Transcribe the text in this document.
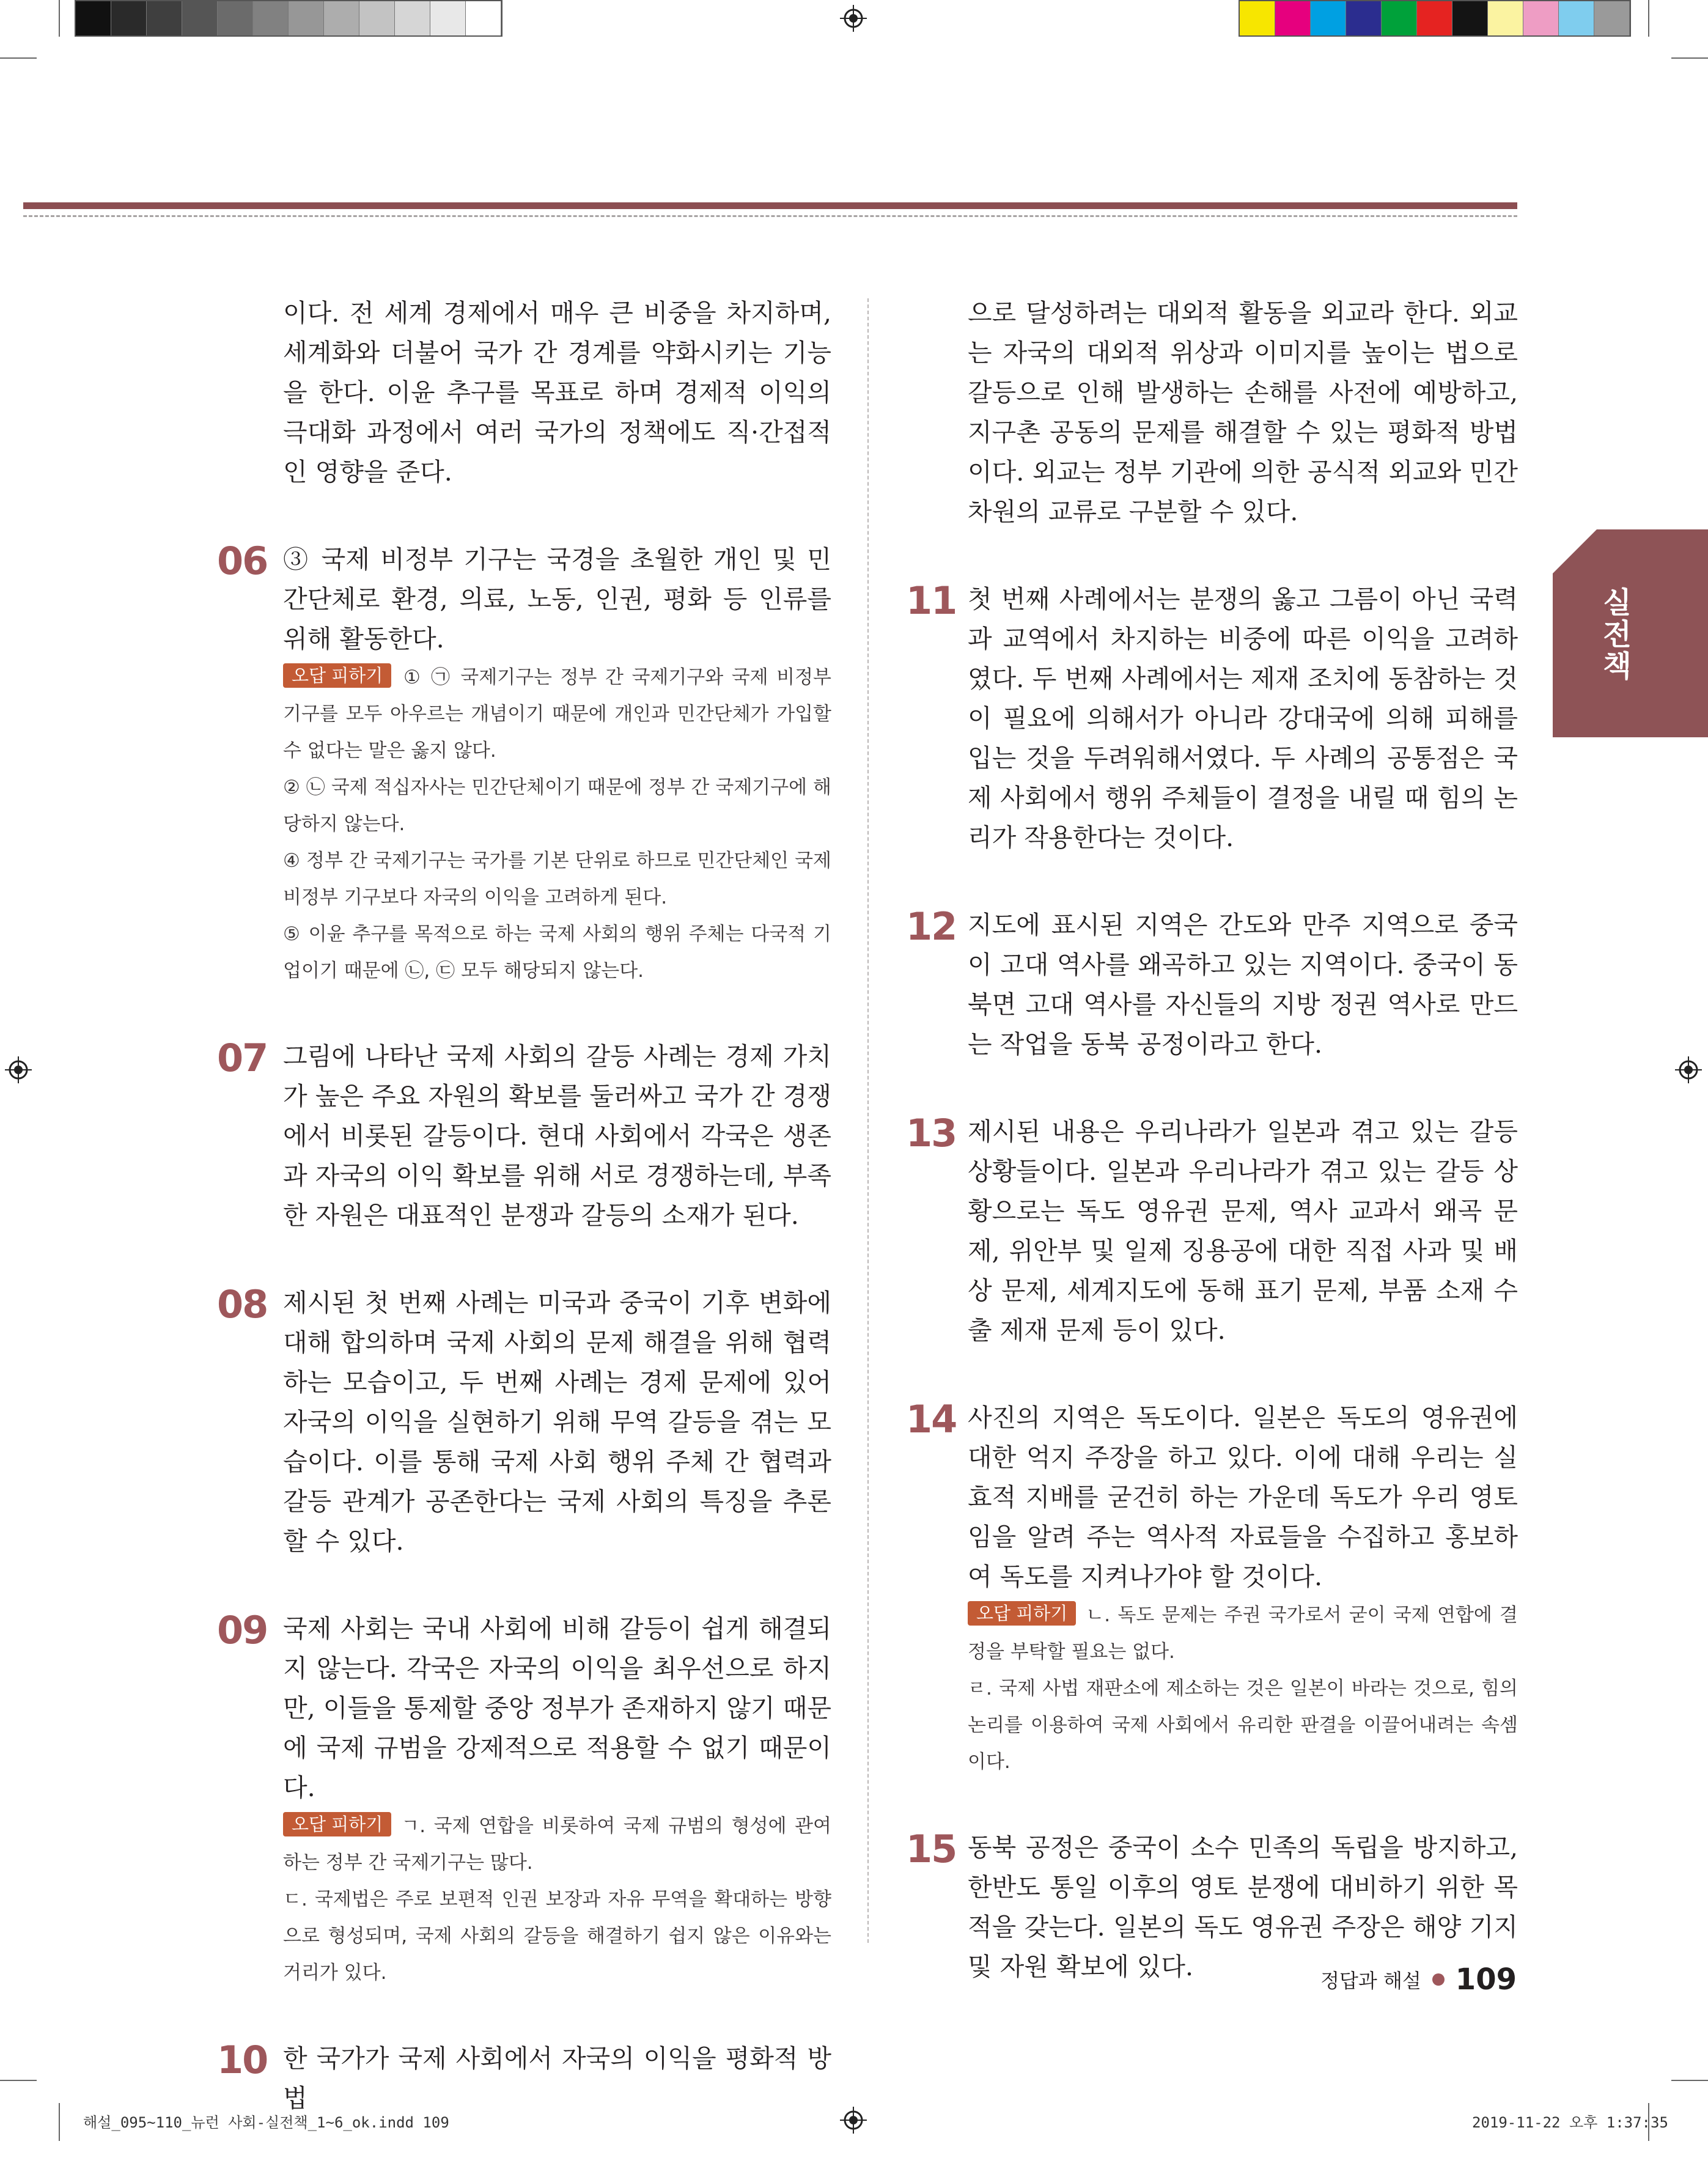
이다. 전 세계 경제에서 매우 큰 비중을 차지하며, 세계화와 더불어 국가 간 경계를 약화시키는 기능을 한다. 이윤 추구를 목표로 하며 경제적 이익의 극대화 과정에서 여러 국가의 정책에도 직·간접적인 영향을 준다.

06 ③ 국제 비정부 기구는 국경을 초월한 개인 및 민간단체로 환경, 의료, 노동, 인권, 평화 등 인류를 위해 활동한다.

오답 피하기 ① ㉠ 국제기구는 정부 간 국제기구와 국제 비정부 기구를 모두 아우르는 개념이기 때문에 개인과 민간단체가 가입할 수 없다는 말은 옳지 않다.

② ㉡ 국제 적십자사는 민간단체이기 때문에 정부 간 국제기구에 해당하지 않는다.

④ 정부 간 국제기구는 국가를 기본 단위로 하므로 민간단체인 국제 비정부 기구보다 자국의 이익을 고려하게 된다.

⑤ 이윤 추구를 목적으로 하는 국제 사회의 행위 주체는 다국적 기업이기 때문에 ㉡, ㉢ 모두 해당되지 않는다.

07 그림에 나타난 국제 사회의 갈등 사례는 경제 가치가 높은 주요 자원의 확보를 둘러싸고 국가 간 경쟁에서 비롯된 갈등이다. 현대 사회에서 각국은 생존과 자국의 이익 확보를 위해 서로 경쟁하는데, 부족한 자원은 대표적인 분쟁과 갈등의 소재가 된다.

08 제시된 첫 번째 사례는 미국과 중국이 기후 변화에 대해 합의하며 국제 사회의 문제 해결을 위해 협력하는 모습이고, 두 번째 사례는 경제 문제에 있어 자국의 이익을 실현하기 위해 무역 갈등을 겪는 모습이다. 이를 통해 국제 사회 행위 주체 간 협력과 갈등 관계가 공존한다는 국제 사회의 특징을 추론할 수 있다.

09 국제 사회는 국내 사회에 비해 갈등이 쉽게 해결되지 않는다. 각국은 자국의 이익을 최우선으로 하지만, 이들을 통제할 중앙 정부가 존재하지 않기 때문에 국제 규범을 강제적으로 적용할 수 없기 때문이다.

오답 피하기 ㄱ. 국제 연합을 비롯하여 국제 규범의 형성에 관여하는 정부 간 국제기구는 많다.

ㄷ. 국제법은 주로 보편적 인권 보장과 자유 무역을 확대하는 방향으로 형성되며, 국제 사회의 갈등을 해결하기 쉽지 않은 이유와는 거리가 있다.

10 한 국가가 국제 사회에서 자국의 이익을 평화적 방법

으로 달성하려는 대외적 활동을 외교라 한다. 외교는 자국의 대외적 위상과 이미지를 높이는 법으로 갈등으로 인해 발생하는 손해를 사전에 예방하고, 지구촌 공동의 문제를 해결할 수 있는 평화적 방법이다. 외교는 정부 기관에 의한 공식적 외교와 민간 차원의 교류로 구분할 수 있다.

11 첫 번째 사례에서는 분쟁의 옳고 그름이 아닌 국력과 교역에서 차지하는 비중에 따른 이익을 고려하였다. 두 번째 사례에서는 제재 조치에 동참하는 것이 필요에 의해서가 아니라 강대국에 의해 피해를 입는 것을 두려워해서였다. 두 사례의 공통점은 국제 사회에서 행위 주체들이 결정을 내릴 때 힘의 논리가 작용한다는 것이다.

12 지도에 표시된 지역은 간도와 만주 지역으로 중국이 고대 역사를 왜곡하고 있는 지역이다. 중국이 동북면 고대 역사를 자신들의 지방 정권 역사로 만드는 작업을 동북 공정이라고 한다.

13 제시된 내용은 우리나라가 일본과 겪고 있는 갈등 상황들이다. 일본과 우리나라가 겪고 있는 갈등 상황으로는 독도 영유권 문제, 역사 교과서 왜곡 문제, 위안부 및 일제 징용공에 대한 직접 사과 및 배상 문제, 세계지도에 동해 표기 문제, 부품 소재 수출 제재 문제 등이 있다.

14 사진의 지역은 독도이다. 일본은 독도의 영유권에 대한 억지 주장을 하고 있다. 이에 대해 우리는 실효적 지배를 굳건히 하는 가운데 독도가 우리 영토임을 알려 주는 역사적 자료들을 수집하고 홍보하여 독도를 지켜나가야 할 것이다.

오답 피하기 ㄴ. 독도 문제는 주권 국가로서 굳이 국제 연합에 결정을 부탁할 필요는 없다.

ㄹ. 국제 사법 재판소에 제소하는 것은 일본이 바라는 것으로, 힘의 논리를 이용하여 국제 사회에서 유리한 판결을 이끌어내려는 속셈이다.

15 동북 공정은 중국이 소수 민족의 독립을 방지하고, 한반도 통일 이후의 영토 분쟁에 대비하기 위한 목적을 갖는다. 일본의 독도 영유권 주장은 해양 기지 및 자원 확보에 있다.

실전책
정답과 해설 109
해설_095~110_뉴런 사회-실전책_1~6_ok.indd 109	2019-11-22 오후 1:37:35
